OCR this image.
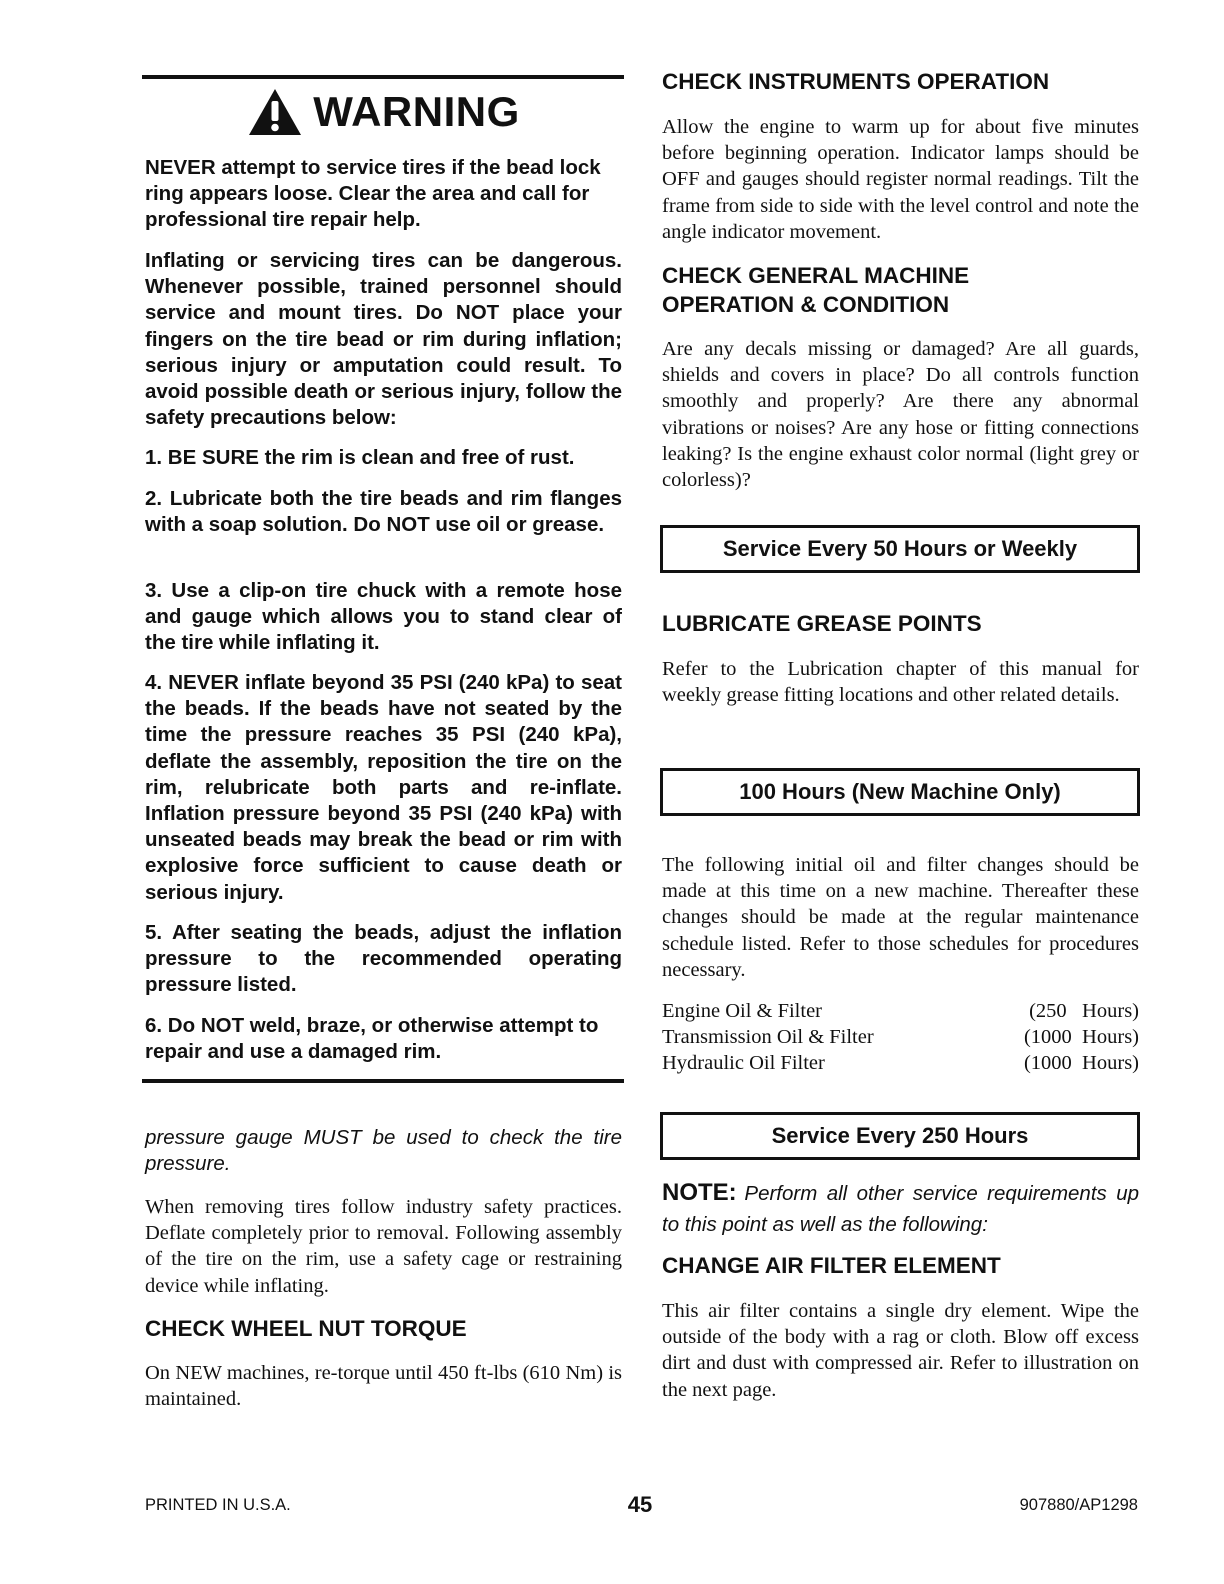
WARNING

NEVER attempt to service tires if the bead lock ring appears loose. Clear the area and call for professional tire repair help.

Inflating or servicing tires can be dangerous. Whenever possible, trained personnel should service and mount tires. Do NOT place your fingers on the tire bead or rim during inflation; serious injury or amputation could result. To avoid possible death or serious injury, follow the safety precautions below:

1. BE SURE the rim is clean and free of rust.

2. Lubricate both the tire beads and rim flanges with a soap solution. Do NOT use oil or grease.

3. Use a clip-on tire chuck with a remote hose and gauge which allows you to stand clear of the tire while inflating it.

4. NEVER inflate beyond 35 PSI (240 kPa) to seat the beads. If the beads have not seated by the time the pressure reaches 35 PSI (240 kPa), deflate the assembly, reposition the tire on the rim, relubricate both parts and re-inflate. Inflation pressure beyond 35 PSI (240 kPa) with unseated beads may break the bead or rim with explosive force sufficient to cause death or serious injury.

5. After seating the beads, adjust the inflation pressure to the recommended operating pressure listed.

6. Do NOT weld, braze, or otherwise attempt to repair and use a damaged rim.

pressure gauge MUST be used to check the tire pressure.

When removing tires follow industry safety practices. Deflate completely prior to removal. Following assembly of the tire on the rim, use a safety cage or restraining device while inflating.

CHECK WHEEL NUT TORQUE

On NEW machines, re-torque until 450 ft-lbs (610 Nm) is maintained.

CHECK INSTRUMENTS OPERATION

Allow the engine to warm up for about five minutes before beginning operation. Indicator lamps should be OFF and gauges should register normal readings. Tilt the frame from side to side with the level control and note the angle indicator movement.

CHECK GENERAL MACHINE
OPERATION & CONDITION

Are any decals missing or damaged? Are all guards, shields and covers in place? Do all controls function smoothly and properly? Are there any abnormal vibrations or noises? Are any hose or fitting connections leaking? Is the engine exhaust color normal (light grey or colorless)?

Service Every 50 Hours or Weekly
LUBRICATE GREASE POINTS

Refer to the Lubrication chapter of this manual for weekly grease fitting locations and other related details.

100 Hours (New Machine Only)

The following initial oil and filter changes should be made at this time on a new machine. Thereafter these changes should be made at the regular maintenance schedule listed. Refer to those schedules for procedures necessary.

Engine Oil & Filter	(250   Hours)
Transmission Oil & Filter	(1000  Hours)
Hydraulic Oil Filter	(1000  Hours)
Service Every 250 Hours

NOTE: Perform all other service requirements up to this point as well as the following:

CHANGE AIR FILTER ELEMENT

This air filter contains a single dry element. Wipe the outside of the body with a rag or cloth. Blow off excess dirt and dust with compressed air. Refer to illustration on the next page.

PRINTED IN U.S.A.	45	907880/AP1298
